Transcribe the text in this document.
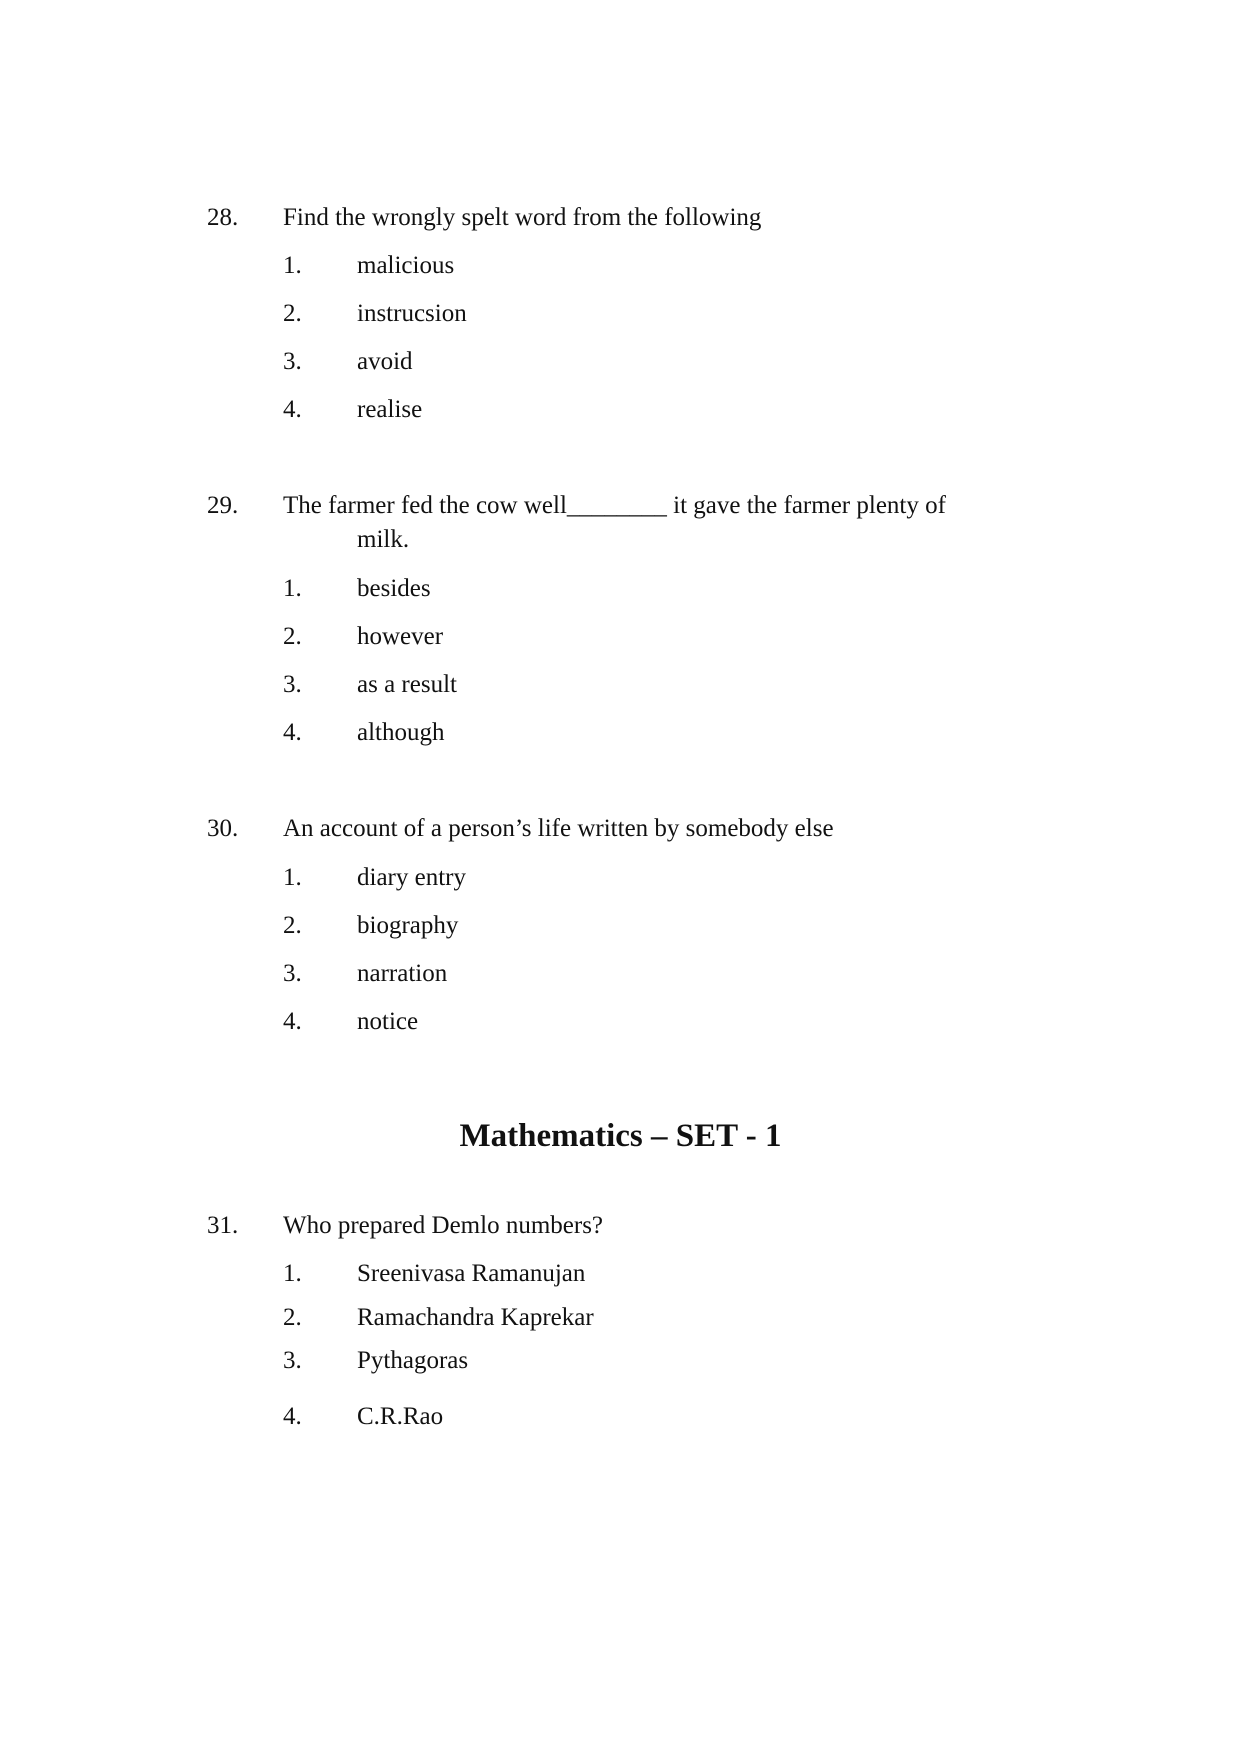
28. Find the wrongly spelt word from the following
1. malicious
2. instrucsion
3. avoid
4. realise
29. The farmer fed the cow well________ it gave the farmer plenty of
milk.
1. besides
2. however
3. as a result
4. although
30. An account of a person’s life written by somebody else
1. diary entry
2. biography
3. narration
4. notice
Mathematics – SET - 1
31. Who prepared Demlo numbers?
1. Sreenivasa Ramanujan
2. Ramachandra Kaprekar
3. Pythagoras
4. C.R.Rao
